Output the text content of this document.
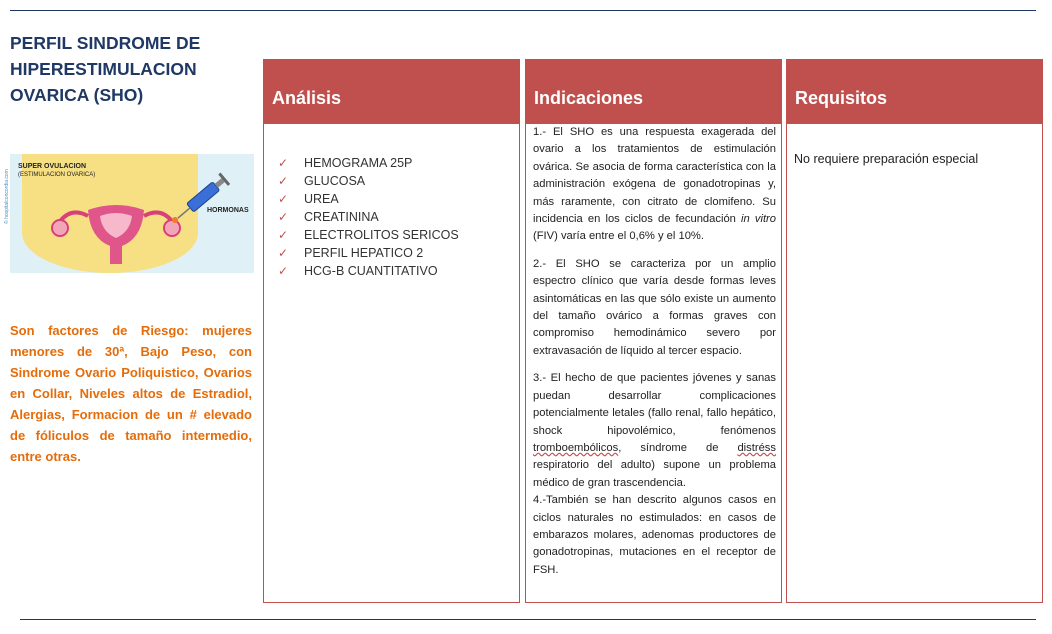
PERFIL SINDROME DE HIPERESTIMULACION OVARICA (SHO)
SUPER OVULACION
(ESTIMULACION OVARICA)
© hospitalconcordia.com	HORMONAS
Son factores de Riesgo: mujeres menores de 30ª, Bajo Peso, con Sindrome Ovario Poliquistico, Ovarios en Collar, Niveles altos de Estradiol, Alergias, Formacion de un # elevado de fóliculos de tamaño intermedio, entre otras.
Análisis
✓ HEMOGRAMA 25P
✓ GLUCOSA
✓ UREA
✓ CREATININA
✓ ELECTROLITOS SERICOS
✓ PERFIL HEPATICO 2
✓ HCG-B CUANTITATIVO
Indicaciones

1.- El SHO es una respuesta exagerada del ovario a los tratamientos de estimulación ovárica. Se asocia de forma característica con la administración exógena de gonadotropinas y, más raramente, con citrato de clomifeno. Su incidencia en los ciclos de fecundación in vitro (FIV) varía entre el 0,6% y el 10%.

2.- El SHO se caracteriza por un amplio espectro clínico que varía desde formas leves asintomáticas en las que sólo existe un aumento del tamaño ovárico a formas graves con compromiso hemodinámico severo por extravasación de líquido al tercer espacio.

3.- El hecho de que pacientes jóvenes y sanas puedan desarrollar complicaciones potencialmente letales (fallo renal, fallo hepático, shock hipovolémico, fenómenos tromboembólicos, síndrome de distréss respiratorio del adulto) supone un problema médico de gran trascendencia.

4.-También se han descrito algunos casos en ciclos naturales no estimulados: en casos de embarazos molares, adenomas productores de gonadotropinas, mutaciones en el receptor de FSH.

Requisitos
No requiere preparación especial
